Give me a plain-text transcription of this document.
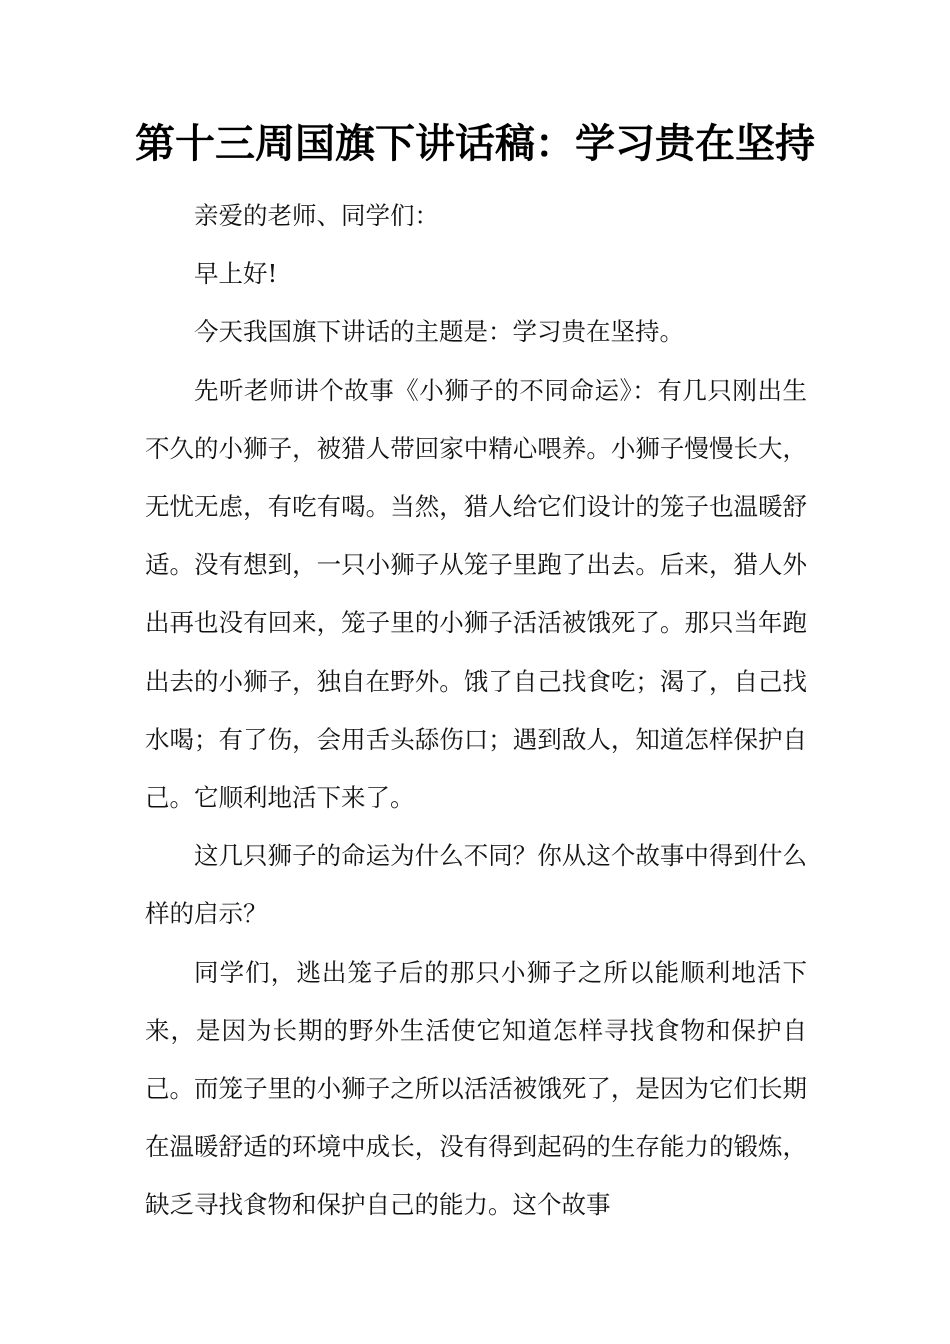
第十三周国旗下讲话稿：学习贵在坚持

亲爱的老师、同学们：

早上好!

今天我国旗下讲话的主题是：学习贵在坚持。

先听老师讲个故事《小狮子的不同命运》：有几只刚出生不久的小狮子，被猎人带回家中精心喂养。小狮子慢慢长大，无忧无虑，有吃有喝。当然，猎人给它们设计的笼子也温暖舒适。没有想到，一只小狮子从笼子里跑了出去。后来，猎人外出再也没有回来，笼子里的小狮子活活被饿死了。那只当年跑出去的小狮子，独自在野外。饿了自己找食吃；渴了，自己找水喝；有了伤，会用舌头舔伤口；遇到敌人，知道怎样保护自己。它顺利地活下来了。

这几只狮子的命运为什么不同？你从这个故事中得到什么样的启示？

同学们，逃出笼子后的那只小狮子之所以能顺利地活下来，是因为长期的野外生活使它知道怎样寻找食物和保护自己。而笼子里的小狮子之所以活活被饿死了，是因为它们长期在温暖舒适的环境中成长，没有得到起码的生存能力的锻炼，缺乏寻找食物和保护自己的能力。这个故事
